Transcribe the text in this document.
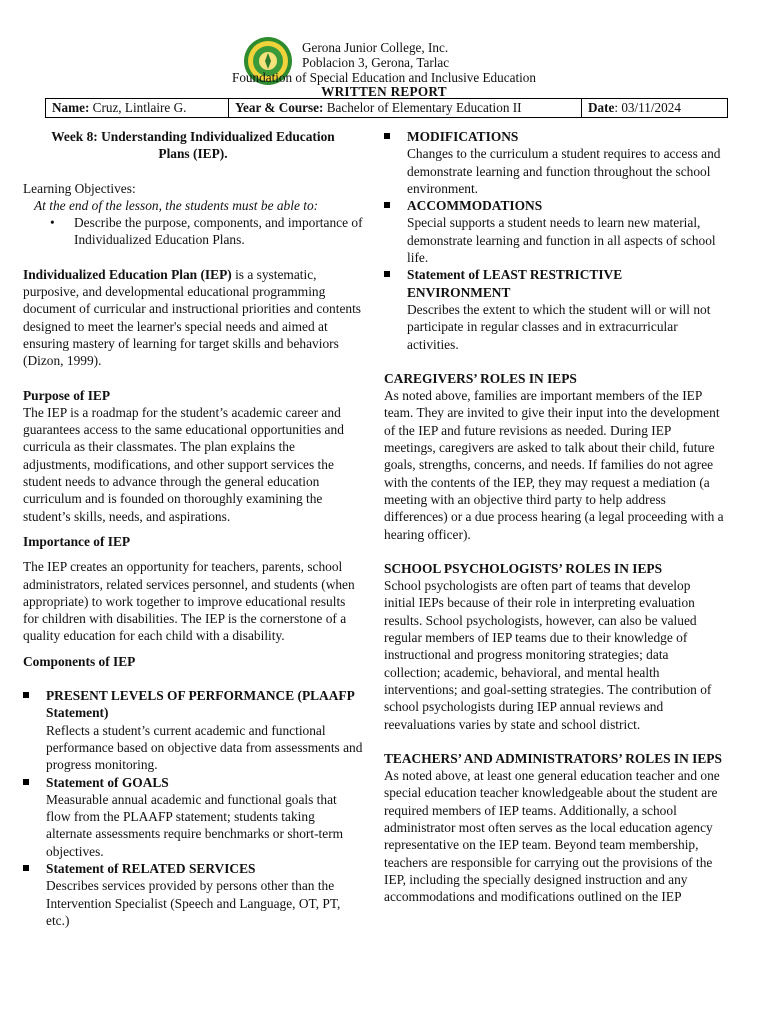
Gerona Junior College, Inc.
Poblacion 3, Gerona, Tarlac
Foundation of Special Education and Inclusive Education
WRITTEN REPORT
Name: Cruz, Lintlaire G.	Year & Course: Bachelor of Elementary Education II	Date: 03/11/2024

Week 8: Understanding Individualized Education
Plans (IEP).

Learning Objectives:

At the end of the lesson, the students must be able to:

• Describe the purpose, components, and importance of Individualized Education Plans.

Individualized Education Plan (IEP) is a systematic, purposive, and developmental educational programming document of curricular and instructional priorities and contents designed to meet the learner's special needs and aimed at ensuring mastery of learning for target skills and behaviors (Dizon, 1999).

Purpose of IEP

The IEP is a roadmap for the student’s academic career and guarantees access to the same educational opportunities and curricula as their classmates. The plan explains the adjustments, modifications, and other support services the student needs to advance through the general education curriculum and is founded on thoroughly examining the student’s skills, needs, and aspirations.

Importance of IEP

The IEP creates an opportunity for teachers, parents, school administrators, related services personnel, and students (when appropriate) to work together to improve educational results for children with disabilities. The IEP is the cornerstone of a quality education for each child with a disability.

Components of IEP

PRESENT LEVELS OF PERFORMANCE (PLAAFP Statement)

Reflects a student’s current academic and functional performance based on objective data from assessments and progress monitoring.

Statement of GOALS

Measurable annual academic and functional goals that flow from the PLAAFP statement; students taking alternate assessments require benchmarks or short-term objectives.

Statement of RELATED SERVICES

Describes services provided by persons other than the Intervention Specialist (Speech and Language, OT, PT, etc.)

MODIFICATIONS

Changes to the curriculum a student requires to access and demonstrate learning and function throughout the school environment.

ACCOMMODATIONS

Special supports a student needs to learn new material, demonstrate learning and function in all aspects of school life.

Statement of LEAST RESTRICTIVE ENVIRONMENT

Describes the extent to which the student will or will not participate in regular classes and in extracurricular activities.

CAREGIVERS’ ROLES IN IEPS

As noted above, families are important members of the IEP team. They are invited to give their input into the development of the IEP and future revisions as needed. During IEP meetings, caregivers are asked to talk about their child, future goals, strengths, concerns, and needs. If families do not agree with the contents of the IEP, they may request a mediation (a meeting with an objective third party to help address differences) or a due process hearing (a legal proceeding with a hearing officer).

SCHOOL PSYCHOLOGISTS’ ROLES IN IEPS

School psychologists are often part of teams that develop initial IEPs because of their role in interpreting evaluation results. School psychologists, however, can also be valued regular members of IEP teams due to their knowledge of instructional and progress monitoring strategies; data collection; academic, behavioral, and mental health interventions; and goal-setting strategies. The contribution of school psychologists during IEP annual reviews and reevaluations varies by state and school district.

TEACHERS’ AND ADMINISTRATORS’ ROLES IN IEPS

As noted above, at least one general education teacher and one special education teacher knowledgeable about the student are required members of IEP teams. Additionally, a school administrator most often serves as the local education agency representative on the IEP team. Beyond team membership, teachers are responsible for carrying out the provisions of the IEP, including the specially designed instruction and any accommodations and modifications outlined on the IEP
